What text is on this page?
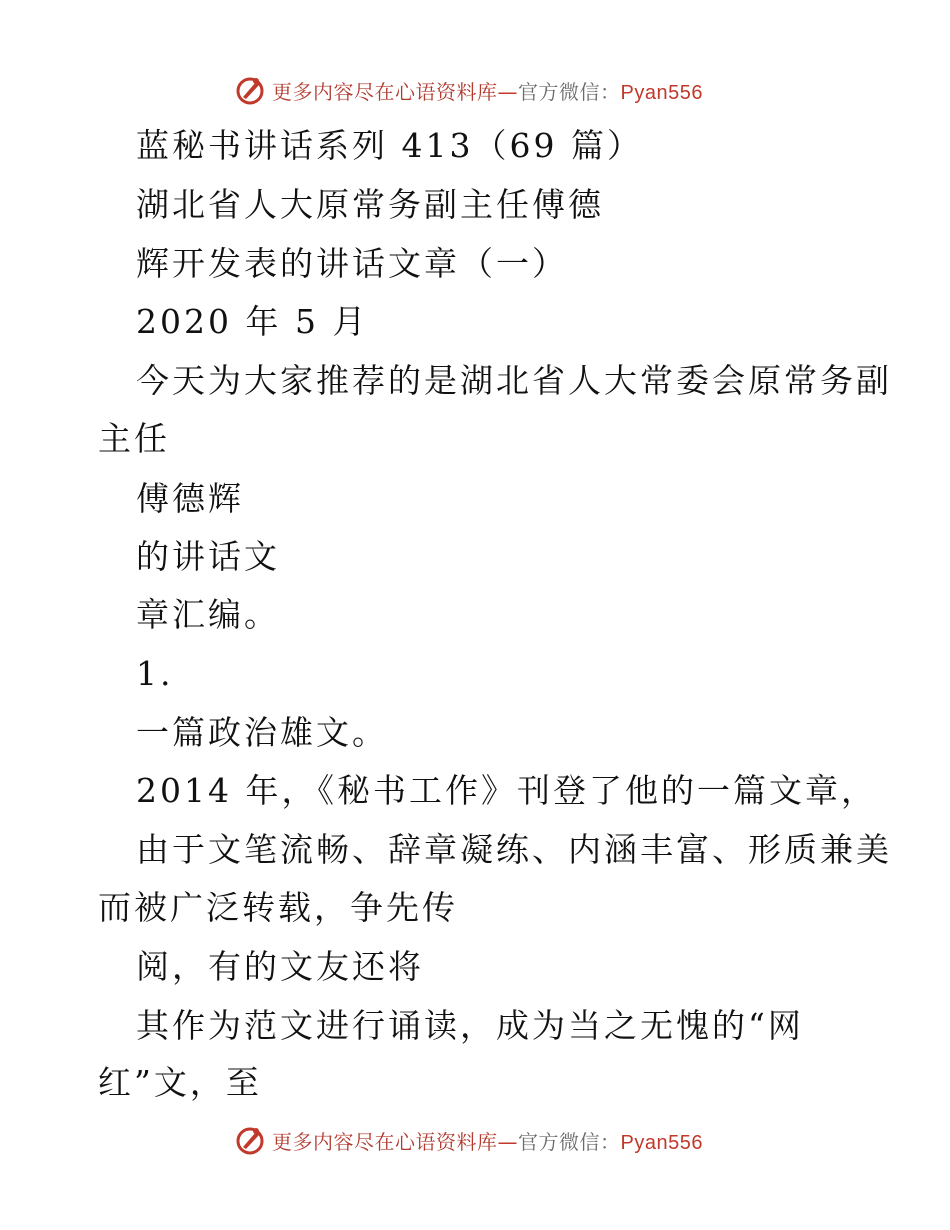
更多内容尽在心语资料库—官方微信：Pyan556
蓝秘书讲话系列 413（69 篇）
湖北省人大原常务副主任傅德
辉开发表的讲话文章（一）
2020 年 5 月
今天为大家推荐的是湖北省人大常委会原常务副
主任
傅德辉
的讲话文
章汇编。
1.
一篇政治雄文。
2014 年，《秘书工作》刊登了他的一篇文章，
由于文笔流畅、辞章凝练、内涵丰富、形质兼美
而被广泛转载，争先传
阅，有的文友还将
其作为范文进行诵读，成为当之无愧的“网
红”文，至
更多内容尽在心语资料库—官方微信：Pyan556
